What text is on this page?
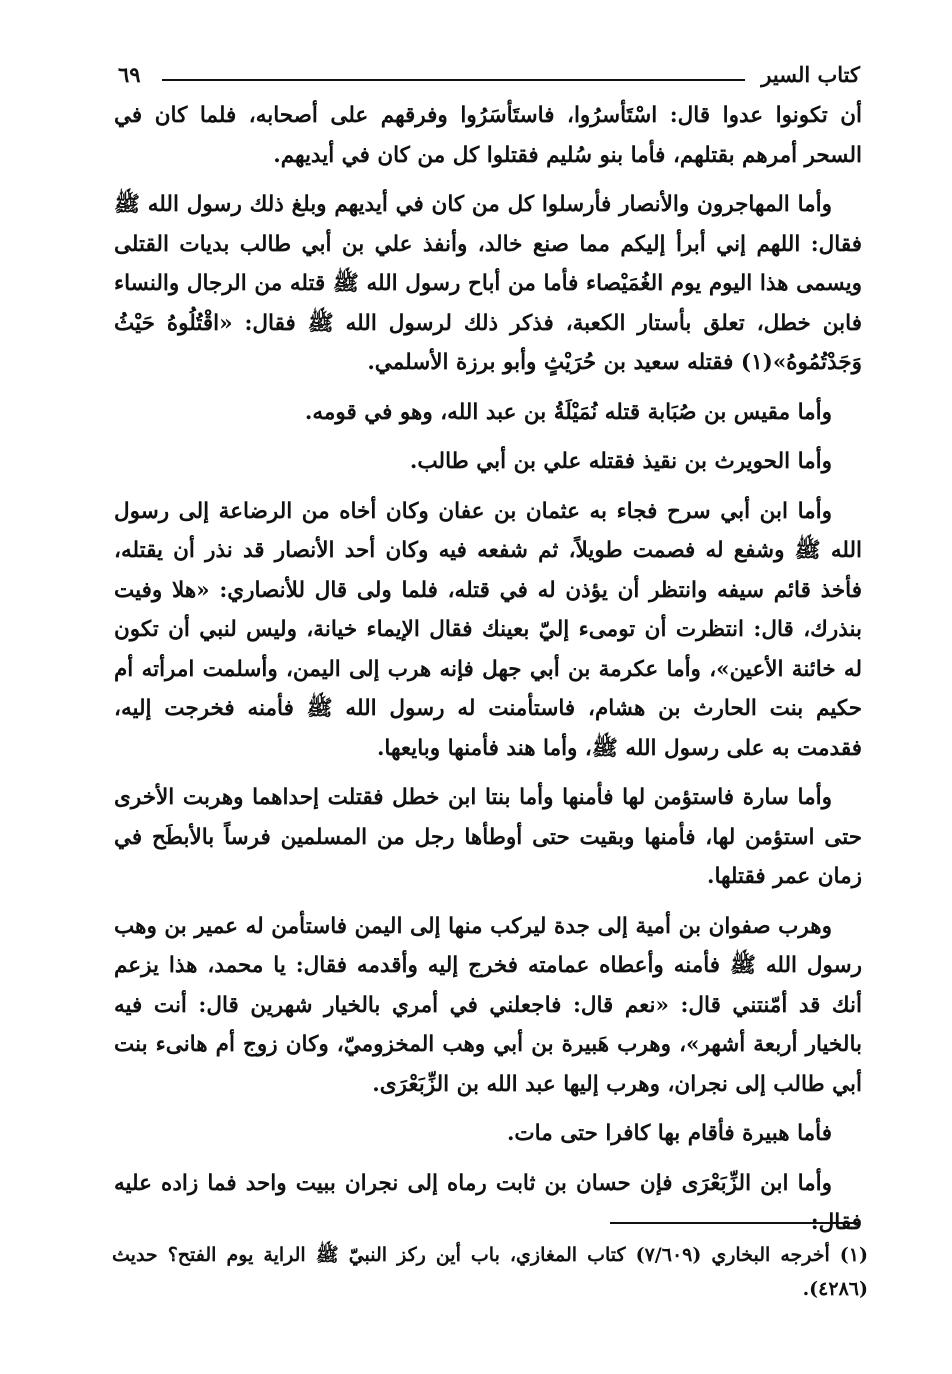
كتاب السير
٦٩

أن تكونوا عدوا قال: اسْتَأسرُوا، فاستَأسَرُوا وفرقهم على أصحابه، فلما كان في السحر أمرهم بقتلهم، فأما بنو سُليم فقتلوا كل من كان في أيديهم.

وأما المهاجرون والأنصار فأرسلوا كل من كان في أيديهم وبلغ ذلك رسول الله ﷺ فقال: اللهم إني أبرأ إليكم مما صنع خالد، وأنفذ علي بن أبي طالب بديات القتلى ويسمى هذا اليوم يوم الغُمَيْصاء فأما من أباح رسول الله ﷺ قتله من الرجال والنساء فابن خطل، تعلق بأستار الكعبة، فذكر ذلك لرسول الله ﷺ فقال: «اقْتُلُوهُ حَيْثُ وَجَدْتُمُوهُ»(١) فقتله سعيد بن حُرَيْثٍ وأبو برزة الأسلمي.

وأما مقيس بن صُبَابة قتله نُمَيْلَةُ بن عبد الله، وهو في قومه.

وأما الحويرث بن نقيذ فقتله علي بن أبي طالب.

وأما ابن أبي سرح فجاء به عثمان بن عفان وكان أخاه من الرضاعة إلى رسول الله ﷺ وشفع له فصمت طويلاً، ثم شفعه فيه وكان أحد الأنصار قد نذر أن يقتله، فأخذ قائم سيفه وانتظر أن يؤذن له في قتله، فلما ولى قال للأنصاري: «هلا وفيت بنذرك، قال: انتظرت أن تومىء إليّ بعينك فقال الإيماء خيانة، وليس لنبي أن تكون له خائنة الأعين»، وأما عكرمة بن أبي جهل فإنه هرب إلى اليمن، وأسلمت امرأته أم حكيم بنت الحارث بن هشام، فاستأمنت له رسول الله ﷺ فأمنه فخرجت إليه، فقدمت به على رسول الله ﷺ، وأما هند فأمنها وبايعها.

وأما سارة فاستؤمن لها فأمنها وأما بنتا ابن خطل فقتلت إحداهما وهربت الأخرى حتى استؤمن لها، فأمنها وبقيت حتى أوطأها رجل من المسلمين فرساً بالأبطَح في زمان عمر فقتلها.

وهرب صفوان بن أمية إلى جدة ليركب منها إلى اليمن فاستأمن له عمير بن وهب رسول الله ﷺ فأمنه وأعطاه عمامته فخرج إليه وأقدمه فقال: يا محمد، هذا يزعم أنك قد أمّنتني قال: «نعم قال: فاجعلني في أمري بالخيار شهرين قال: أنت فيه بالخيار أربعة أشهر»، وهرب هَبيرة بن أبي وهب المخزوميّ، وكان زوج أم هانىء بنت أبي طالب إلى نجران، وهرب إليها عبد الله بن الزِّبَعْرَى.

فأما هبيرة فأقام بها كافرا حتى مات.

وأما ابن الزِّبَعْرَى فإن حسان بن ثابت رماه إلى نجران ببيت واحد فما زاده عليه فقال:

(١) أخرجه البخاري (٧/٦٠٩) كتاب المغازي، باب أين ركز النبيّ ﷺ الراية يوم الفتح؟ حديث (٤٢٨٦).
